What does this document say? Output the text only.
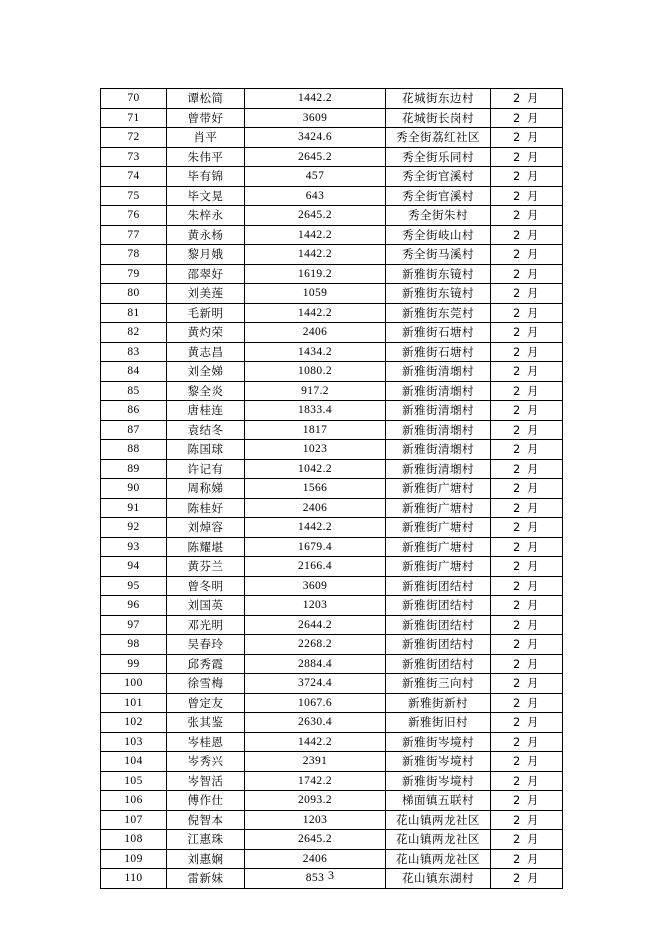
70	谭松简	1442.2	花城街东边村	2 月
71	曾带好	3609	花城街长岗村	2 月
72	肖平	3424.6	秀全街荔红社区	2 月
73	朱伟平	2645.2	秀全街乐同村	2 月
74	毕有锦	457	秀全街官溪村	2 月
75	毕文晃	643	秀全街官溪村	2 月
76	朱梓永	2645.2	秀全街朱村	2 月
77	黄永杨	1442.2	秀全街岐山村	2 月
78	黎月娥	1442.2	秀全街马溪村	2 月
79	邵翠好	1619.2	新雅街东镜村	2 月
80	刘美莲	1059	新雅街东镜村	2 月
81	毛新明	1442.2	新雅街东莞村	2 月
82	黄灼荣	2406	新雅街石塘村	2 月
83	黄志昌	1434.2	新雅街石塘村	2 月
84	刘全娣	1080.2	新雅街清㙟村	2 月
85	黎全炎	917.2	新雅街清㙟村	2 月
86	唐桂连	1833.4	新雅街清㙟村	2 月
87	袁结冬	1817	新雅街清㙟村	2 月
88	陈国球	1023	新雅街清㙟村	2 月
89	许记有	1042.2	新雅街清㙟村	2 月
90	周称娣	1566	新雅街广塘村	2 月
91	陈桂好	2406	新雅街广塘村	2 月
92	刘焯容	1442.2	新雅街广塘村	2 月
93	陈耀堪	1679.4	新雅街广塘村	2 月
94	黄芬兰	2166.4	新雅街广塘村	2 月
95	曾冬明	3609	新雅街团结村	2 月
96	刘国英	1203	新雅街团结村	2 月
97	邓光明	2644.2	新雅街团结村	2 月
98	吴春玲	2268.2	新雅街团结村	2 月
99	邱秀霞	2884.4	新雅街团结村	2 月
100	徐雪梅	3724.4	新雅街三向村	2 月
101	曾定友	1067.6	新雅街新村	2 月
102	张其鉴	2630.4	新雅街旧村	2 月
103	岑桂恩	1442.2	新雅街岑境村	2 月
104	岑秀兴	2391	新雅街岑境村	2 月
105	岑智活	1742.2	新雅街岑境村	2 月
106	傅作仕	2093.2	梯面镇五联村	2 月
107	倪智本	1203	花山镇两龙社区	2 月
108	江惠珠	2645.2	花山镇两龙社区	2 月
109	刘惠娴	2406	花山镇两龙社区	2 月
110	雷新妹	853	花山镇东湖村	2 月
3
